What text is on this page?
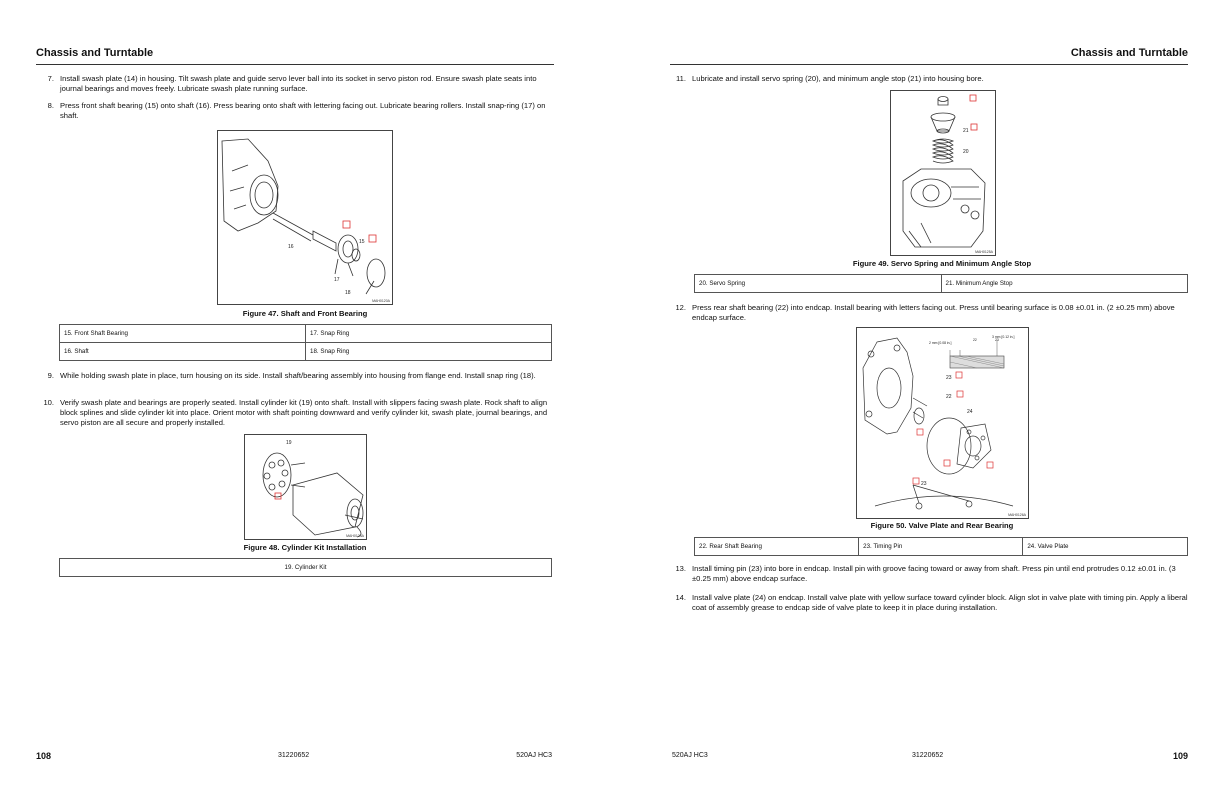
Chassis and Turntable
7. Install swash plate (14) in housing. Tilt swash plate and guide servo lever ball into its socket in servo piston rod. Ensure swash plate seats into journal bearings and moves freely. Lubricate swash plate running surface.
8. Press front shaft bearing (15) onto shaft (16). Press bearing onto shaft with lettering facing out. Lubricate bearing rollers. Install snap-ring (17) on shaft.
16
15
17
18
MAH0120A
Figure 47. Shaft and Front Bearing
15. Front Shaft Bearing	17. Snap Ring
16. Shaft	18. Snap Ring
9. While holding swash plate in place, turn housing on its side. Install shaft/bearing assembly into housing from flange end. Install snap ring (18).
10. Verify swash plate and bearings are properly seated. Install cylinder kit (19) onto shaft. Install with slippers facing swash plate. Rock shaft to align block splines and slide cylinder kit into place. Orient motor with shaft pointing downward and verify cylinder kit, swash plate, journal bearings, and servo piston are all secure and properly installed.
19
MAH0124A
Figure 48. Cylinder Kit Installation
19. Cylinder Kit
108	31220652	520AJ HC3
Chassis and Turntable
11. Lubricate and install servo spring (20), and minimum angle stop (21) into housing bore.
21
20
MAH0125A
Figure 49. Servo Spring and Minimum Angle Stop
20. Servo Spring	21. Minimum Angle Stop
12. Press rear shaft bearing (22) into endcap. Install bearing with letters facing out. Press until bearing surface is 0.08 ±0.01 in. (2 ±0.25 mm) above endcap surface.
2 mm [0.08 in.]
3 mm [0.12 in.]
22	23
23
22
24
23
MAH0126A
Figure 50. Valve Plate and Rear Bearing
22. Rear Shaft Bearing	23. Timing Pin	24. Valve Plate
13. Install timing pin (23) into bore in endcap. Install pin with groove facing toward or away from shaft. Press pin until end protrudes 0.12 ±0.01 in. (3 ±0.25 mm) above endcap surface.
14. Install valve plate (24) on endcap. Install valve plate with yellow surface toward cylinder block. Align slot in valve plate with timing pin. Apply a liberal coat of assembly grease to endcap side of valve plate to keep it in place during installation.
520AJ HC3	31220652	109
